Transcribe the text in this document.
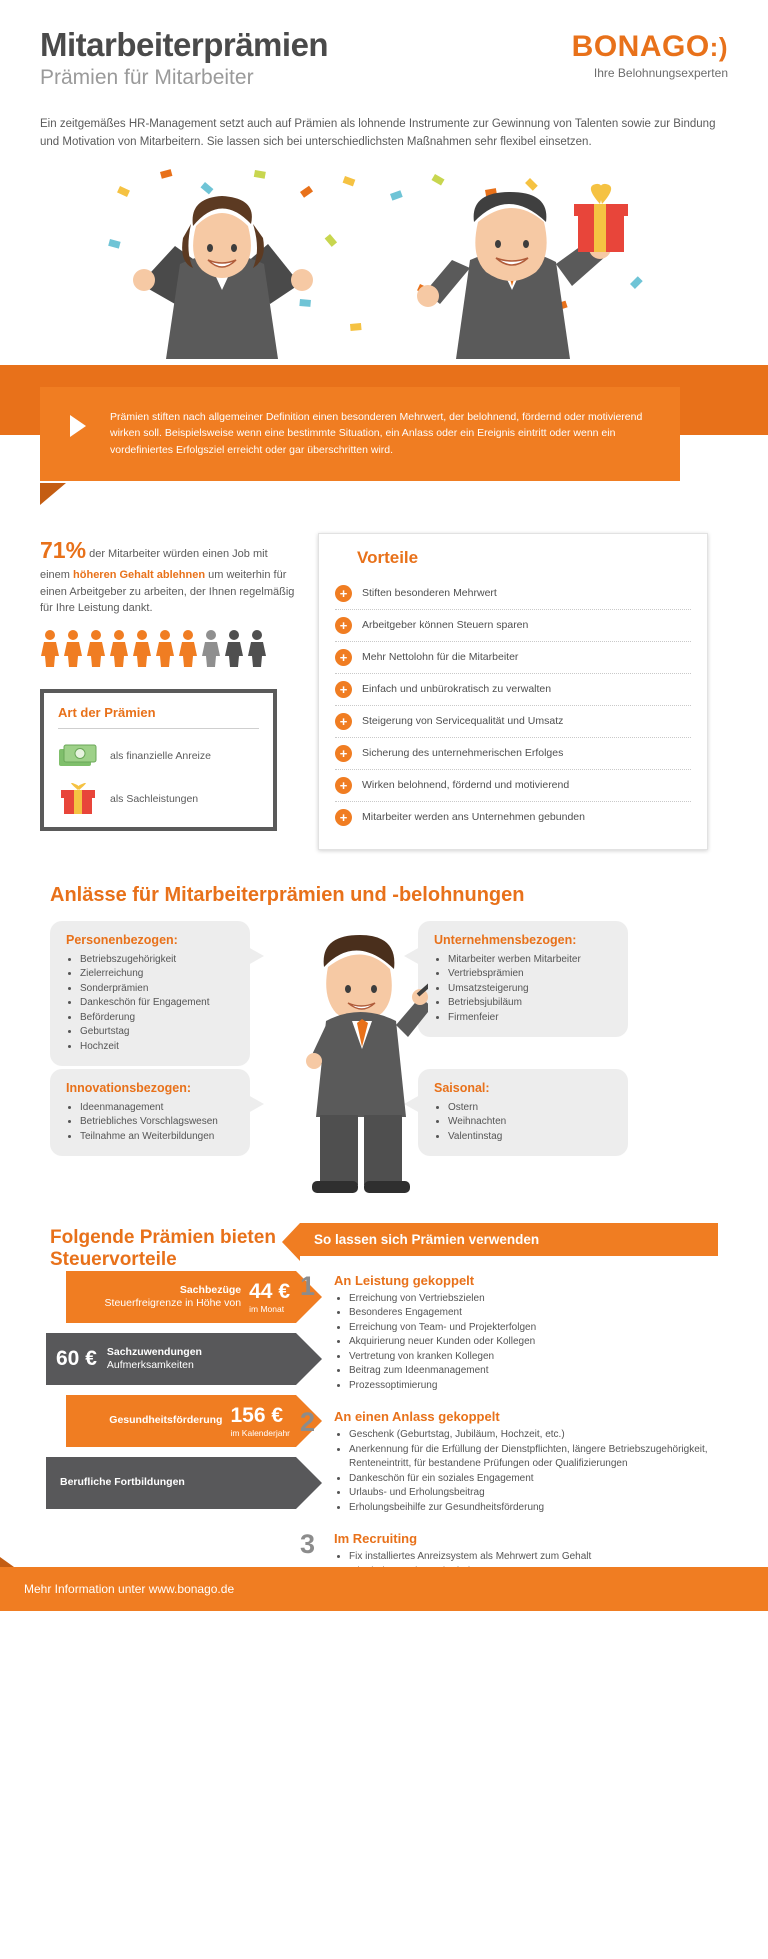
Mitarbeiterprämien
Prämien für Mitarbeiter
BONAGO:)
Ihre Belohnungsexperten
Ein zeitgemäßes HR-Management setzt auch auf Prämien als lohnende Instrumente zur Gewinnung von Talenten sowie zur Bindung und Motivation von Mitarbeitern. Sie lassen sich bei unterschiedlichsten Maßnahmen sehr flexibel einsetzen.
Prämien stiften nach allgemeiner Definition einen besonderen Mehrwert, der belohnend, fördernd oder motivierend wirken soll. Beispielsweise wenn eine bestimmte Situation, ein Anlass oder ein Ereignis eintritt oder wenn ein vordefiniertes Erfolgsziel erreicht oder gar überschritten wird.
71% der Mitarbeiter würden einen Job mit einem höheren Gehalt ablehnen um weiterhin für einen Arbeitgeber zu arbeiten, der Ihnen regelmäßig für Ihre Leistung dankt.
Art der Prämien
als finanzielle Anreize
als Sachleistungen
Vorteile
+	Stiften besonderen Mehrwert
+	Arbeitgeber können Steuern sparen
+	Mehr Nettolohn für die Mitarbeiter
+	Einfach und unbürokratisch zu verwalten
+	Steigerung von Servicequalität und Umsatz
+	Sicherung des unternehmerischen Erfolges
+	Wirken belohnend, fördernd und motivierend
+	Mitarbeiter werden ans Unternehmen gebunden
Anlässe für Mitarbeiterprämien und -belohnungen
Personenbezogen:
• Betriebszugehörigkeit
• Zielerreichung
• Sonderprämien
• Dankeschön für Engagement
• Beförderung
• Geburtstag
• Hochzeit
Unternehmensbezogen:
• Mitarbeiter werben Mitarbeiter
• Vertriebsprämien
• Umsatzsteigerung
• Betriebsjubiläum
• Firmenfeier
Innovationsbezogen:
• Ideenmanagement
• Betriebliches Vorschlagswesen
• Teilnahme an Weiterbildungen
Saisonal:
• Ostern
• Weihnachten
• Valentinstag
Folgende Prämien bieten Steuervorteile
So lassen sich Prämien verwenden
Sachbezüge
Steuerfreigrenze in Höhe von 44 €
im Monat
60 € Sachzuwendungen
Aufmerksamkeiten
Gesundheitsförderung 156 €
im Kalenderjahr
Berufliche Fortbildungen
1	An Leistung gekoppelt
• Erreichung von Vertriebszielen
• Besonderes Engagement
• Erreichung von Team- und Projekterfolgen
• Akquirierung neuer Kunden oder Kollegen
• Vertretung von kranken Kollegen
• Beitrag zum Ideenmanagement
• Prozessoptimierung
2	An einen Anlass gekoppelt
• Geschenk (Geburtstag, Jubiläum, Hochzeit, etc.)
• Anerkennung für die Erfüllung der Dienstpflichten, längere Betriebszugehörigkeit, Renteneintritt, für bestandene Prüfungen oder Qualifizierungen
• Dankeschön für ein soziales Engagement
• Urlaubs- und Erholungsbeitrag
• Erholungsbeihilfe zur Gesundheitsförderung
3	Im Recruiting
• Fix installiertes Anreizsystem als Mehrwert zum Gehalt
•
•
Mehr Information unter www.bonago.de
